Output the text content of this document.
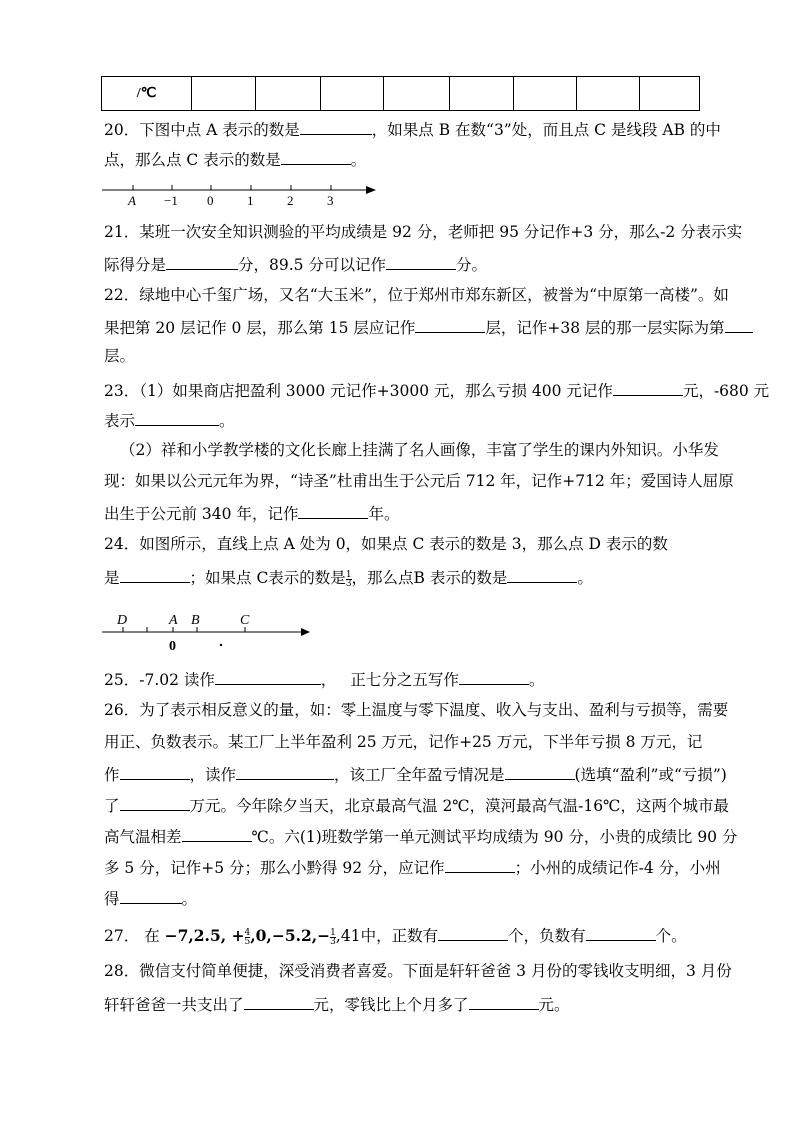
/℃								
20．下图中点 A 表示的数是	，如果点 B 在数“3”处，而且点 C 是线段 AB 的中
点，那么点 C 表示的数是	。
A −1 0	1	2	3
21．某班一次安全知识测验的平均成绩是 92 分，老师把 95 分记作+3 分，那么-2 分表示实
际得分是	分，89.5 分可以记作	分。
22．绿地中心千玺广场，又名“大玉米”，位于郑州市郑东新区，被誉为“中原第一高楼”。如
果把第 20 层记作 0 层，那么第 15 层应记作	层，记作+38 层的那一层实际为第
层。
23．（1）如果商店把盈利 3000 元记作+3000 元，那么亏损 400 元记作	元，-680 元
表示	。
（2）祥和小学教学楼的文化长廊上挂满了名人画像，丰富了学生的课内外知识。小华发
现：如果以公元元年为界，“诗圣”杜甫出生于公元后 712 年，记作+712 年；爱国诗人屈原
出生于公元前 340 年，记作	年。
24．如图所示，直线上点 A 处为 0，如果点 C 表示的数是 3，那么点 D 表示的数
是	；如果点 C表示的数是 $\frac{1}{3}$ ，那么点B 表示的数是	。
D	A B	C
0
25．-7.02 读作	， 正七分之五写作	。
26．为了表示相反意义的量，如：零上温度与零下温度、收入与支出、盈利与亏损等，需要
用正、负数表示。某工厂上半年盈利 25 万元，记作+25 万元，下半年亏损 8 万元，记
作	，读作	，该工厂全年盈亏情况是	(选填“盈利”或“亏损”)
了	万元。今年除夕当天，北京最高气温 2℃，漠河最高气温-16℃，这两个城市最
高气温相差	℃。六(1)班数学第一单元测试平均成绩为 90 分，小贵的成绩比 90 分
多 5 分，记作+5 分；那么小黔得 92 分，应记作	；小州的成绩记作-4 分，小州
得	。
27． 在 −7,2.5, + $\frac{4}{5} ,0,-5.2,- \frac{1}{3} ,41$中，正数有	个，负数有	个。
28．微信支付简单便捷，深受消费者喜爱。下面是轩轩爸爸 3 月份的零钱收支明细，3 月份
轩轩爸爸一共支出了	元，零钱比上个月多了	元。
